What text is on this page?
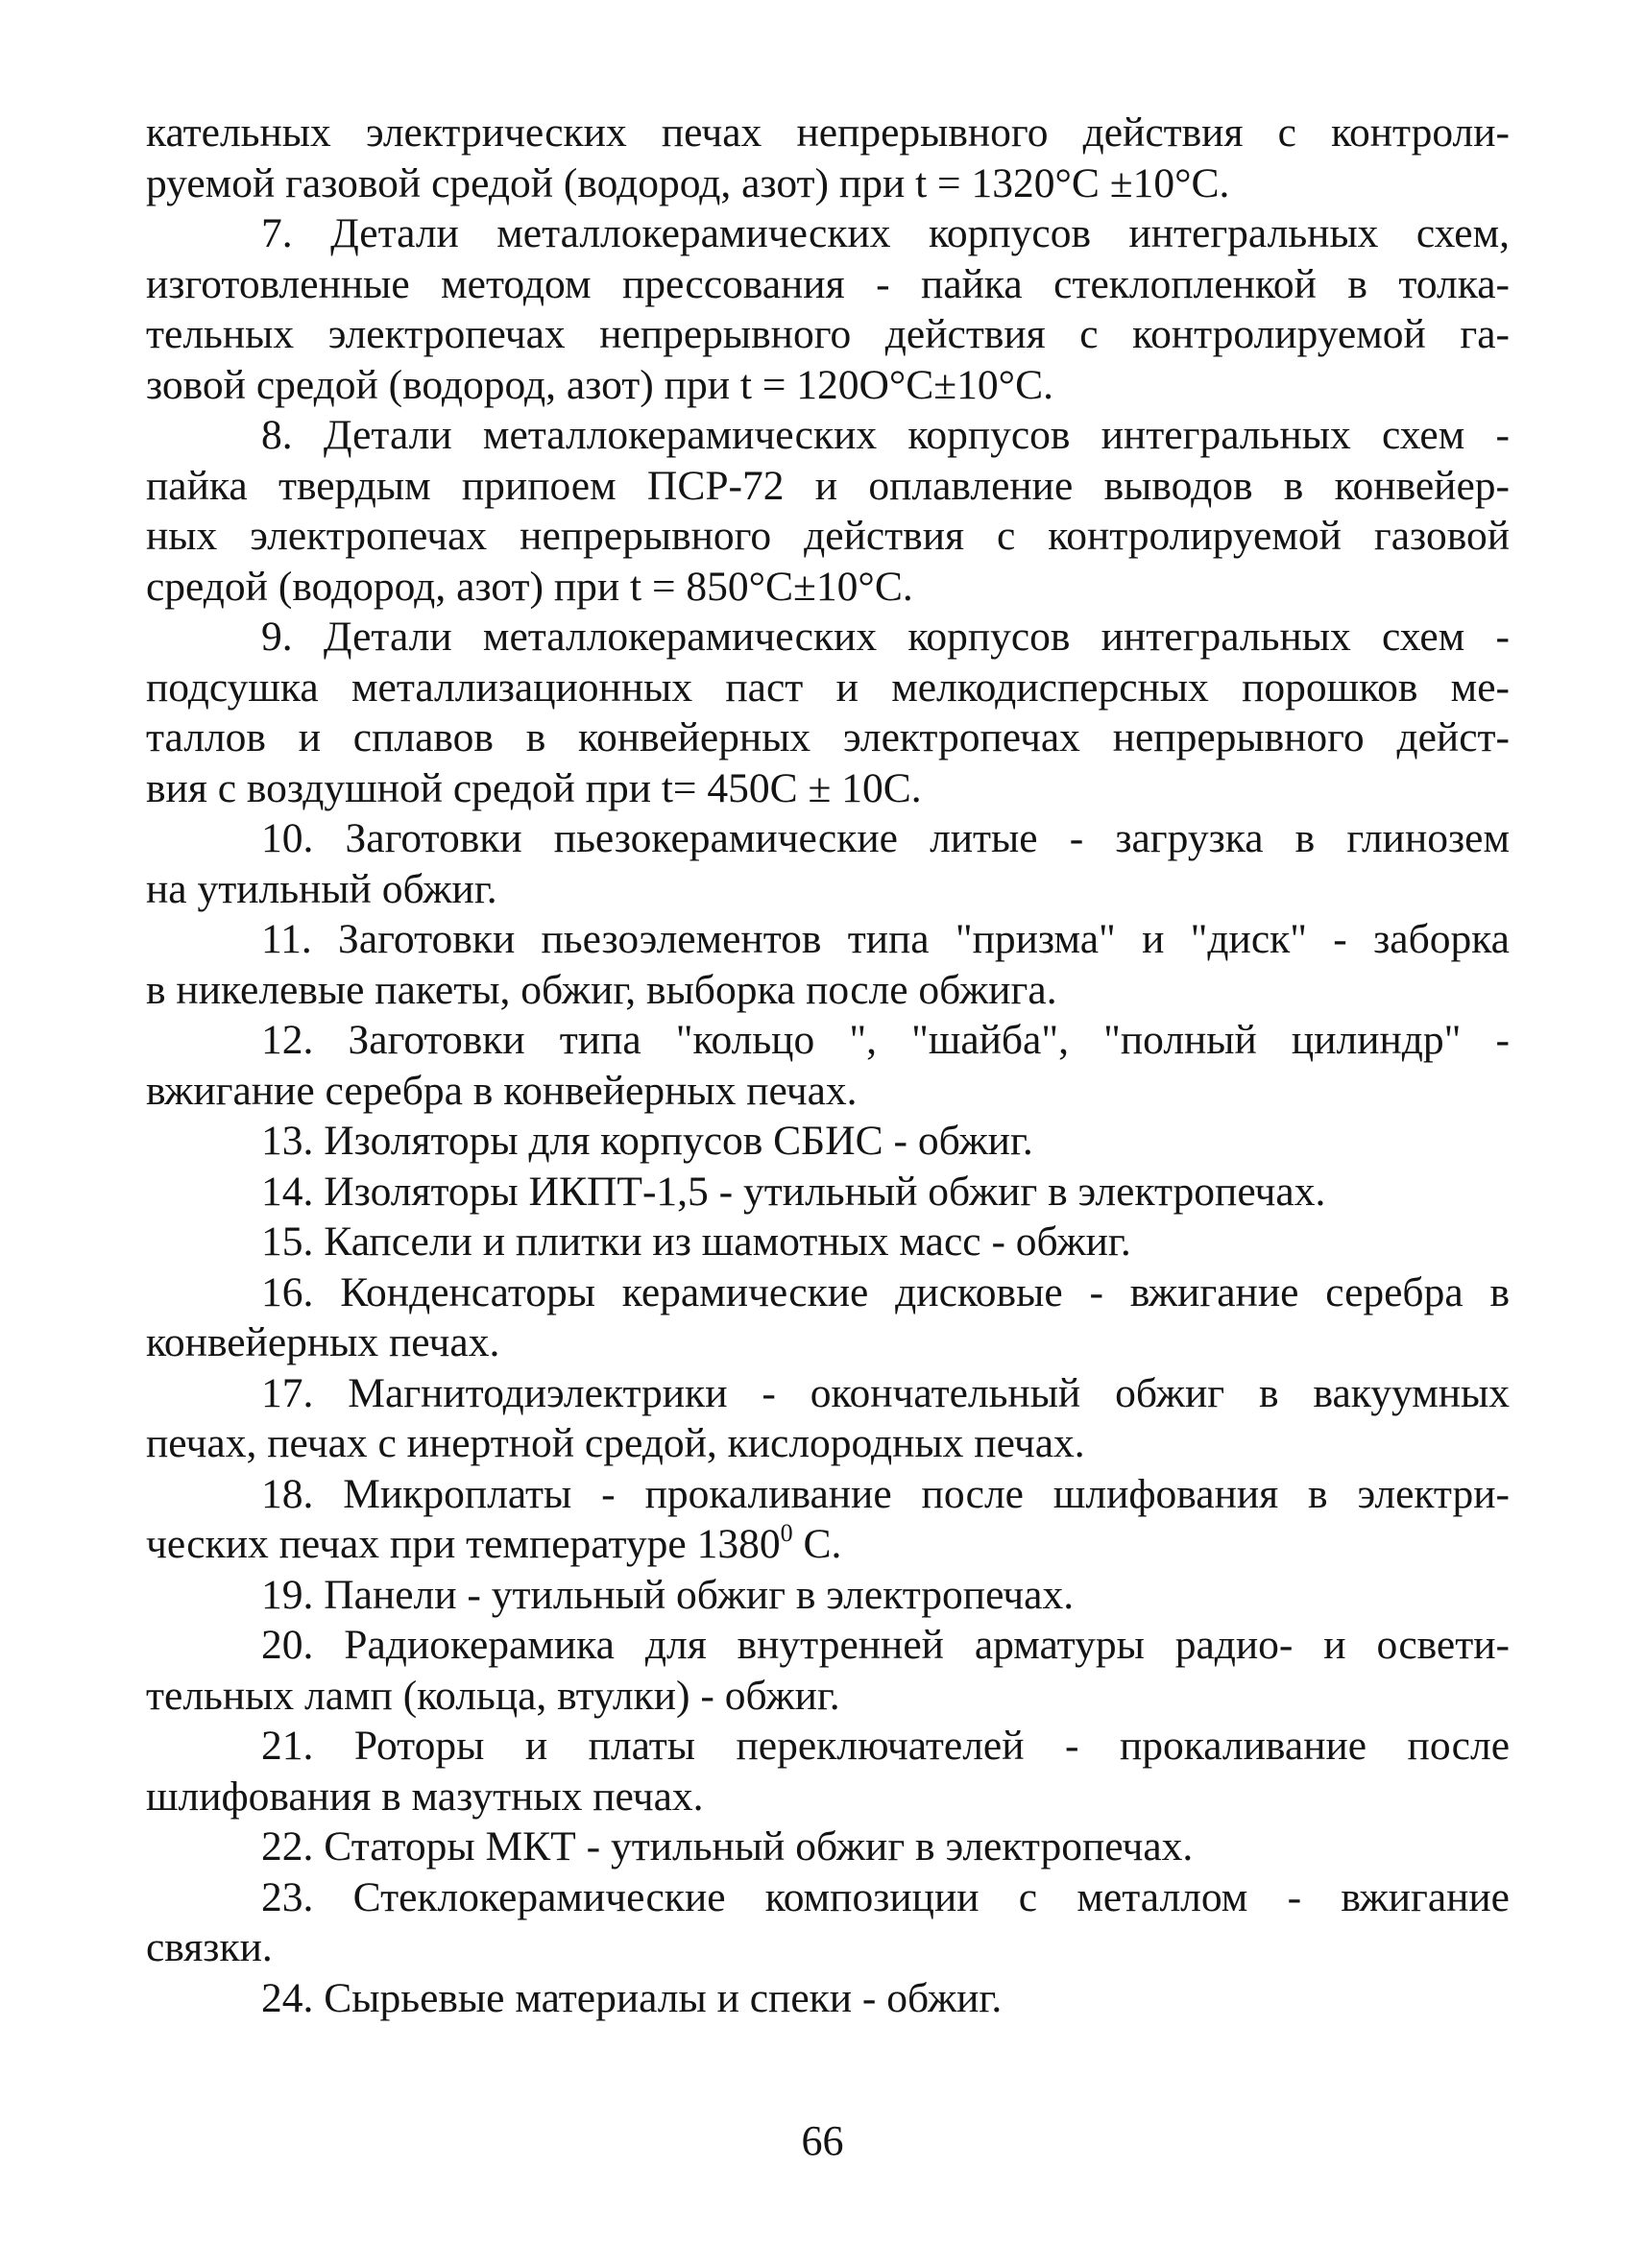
кательных электрических печах непрерывного действия с контроли-
руемой газовой средой (водород, азот) при t = 1320°С ±10°С.
7. Детали металлокерамических корпусов интегральных схем,
изготовленные методом прессования - пайка стеклопленкой в толка-
тельных электропечах непрерывного действия с контролируемой га-
зовой средой (водород, азот) при t = 120О°С±10°С.
8. Детали металлокерамических корпусов интегральных схем -
пайка твердым припоем ПСР-72 и оплавление выводов в конвейер-
ных электропечах непрерывного действия с контролируемой газовой
средой (водород, азот) при t = 850°С±10°С.
9. Детали металлокерамических корпусов интегральных схем -
подсушка металлизационных паст и мелкодисперсных порошков ме-
таллов и сплавов в конвейерных электропечах непрерывного дейст-
вия с воздушной средой при t= 450С ± 10С.
10. Заготовки пьезокерамические литые - загрузка в глинозем
на утильный обжиг.
11. Заготовки пьезоэлементов типа "призма" и "диск" - заборка
в никелевые пакеты, обжиг, выборка после обжига.
12. Заготовки типа "кольцо ", "шайба", "полный цилиндр" -
вжигание серебра в конвейерных печах.
13. Изоляторы для корпусов СБИС - обжиг.
14. Изоляторы ИКПТ-1,5 - утильный обжиг в электропечах.
15. Капсели и плитки из шамотных масс - обжиг.
16. Конденсаторы керамические дисковые - вжигание серебра в
конвейерных печах.
17. Магнитодиэлектрики - окончательный обжиг в вакуумных
печах, печах с инертной средой, кислородных печах.
18. Микроплаты - прокаливание после шлифования в электри-
ческих печах при температуре 1380$^0$ С.
19. Панели - утильный обжиг в электропечах.
20. Радиокерамика для внутренней арматуры радио- и освети-
тельных ламп (кольца, втулки) - обжиг.
21. Роторы и платы переключателей - прокаливание после
шлифования в мазутных печах.
22. Статоры МКТ - утильный обжиг в электропечах.
23. Стеклокерамические композиции с металлом - вжигание
связки.
24. Сырьевые материалы и спеки - обжиг.
66
